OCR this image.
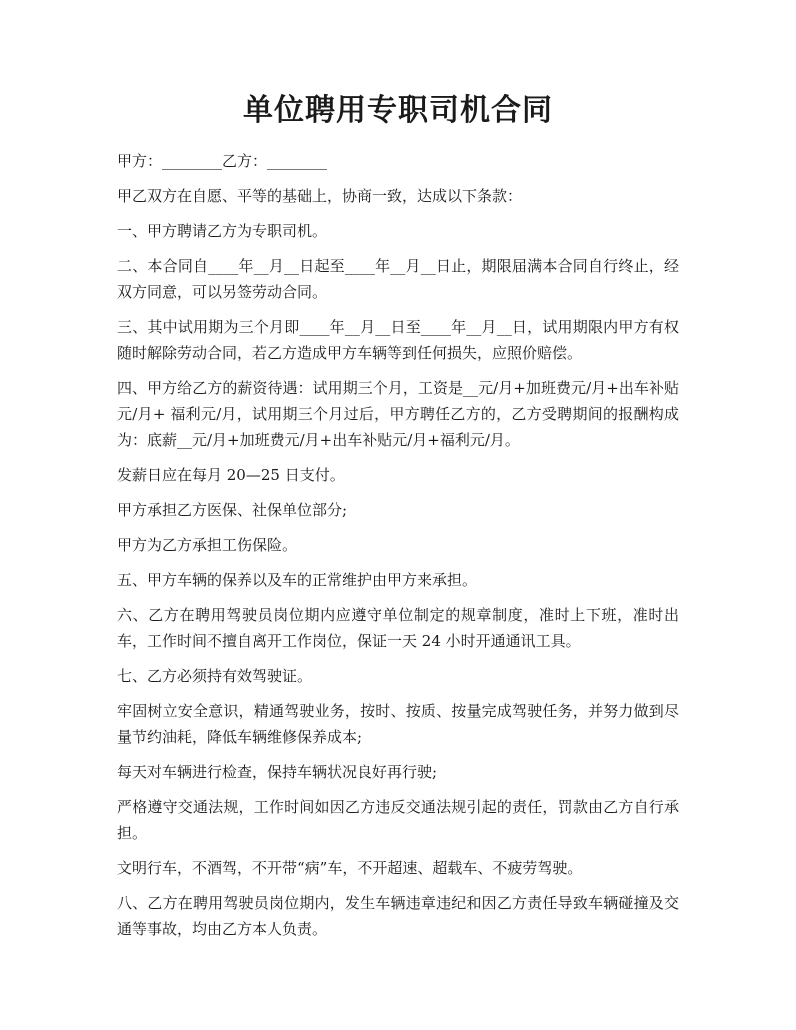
单位聘用专职司机合同

甲方：________乙方：________

甲乙双方在自愿、平等的基础上，协商一致，达成以下条款：

一、甲方聘请乙方为专职司机。

二、本合同自____年__月__日起至____年__月__日止，期限届满本合同自行终止，经双方同意，可以另签劳动合同。

三、其中试用期为三个月即____年__月__日至____年__月__日，试用期限内甲方有权随时解除劳动合同，若乙方造成甲方车辆等到任何损失，应照价赔偿。

四、甲方给乙方的薪资待遇：试用期三个月，工资是__元/月+加班费元/月+出车补贴元/月+ 福利元/月，试用期三个月过后，甲方聘任乙方的，乙方受聘期间的报酬构成为：底薪__元/月+加班费元/月+出车补贴元/月+福利元/月。

发薪日应在每月 20—25 日支付。

甲方承担乙方医保、社保单位部分;

甲方为乙方承担工伤保险。

五、甲方车辆的保养以及车的正常维护由甲方来承担。

六、乙方在聘用驾驶员岗位期内应遵守单位制定的规章制度，准时上下班，准时出车，工作时间不擅自离开工作岗位，保证一天 24 小时开通通讯工具。

七、乙方必须持有效驾驶证。

牢固树立安全意识，精通驾驶业务，按时、按质、按量完成驾驶任务，并努力做到尽量节约油耗，降低车辆维修保养成本;

每天对车辆进行检查，保持车辆状况良好再行驶;

严格遵守交通法规，工作时间如因乙方违反交通法规引起的责任，罚款由乙方自行承担。

文明行车，不酒驾，不开带“病”车，不开超速、超载车、不疲劳驾驶。

八、乙方在聘用驾驶员岗位期内，发生车辆违章违纪和因乙方责任导致车辆碰撞及交通等事故，均由乙方本人负责。
